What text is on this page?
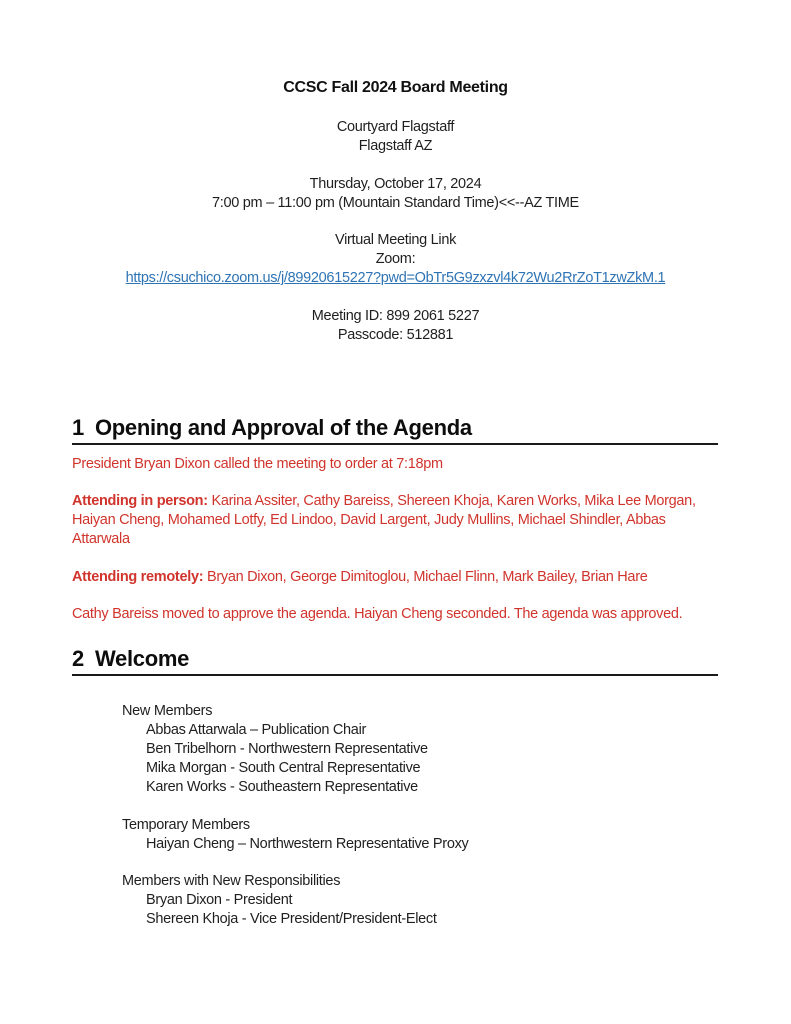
CCSC Fall 2024 Board Meeting
Courtyard Flagstaff
Flagstaff AZ
Thursday, October 17, 2024
7:00 pm – 11:00 pm (Mountain Standard Time)<<--AZ TIME
Virtual Meeting Link
Zoom:
https://csuchico.zoom.us/j/89920615227?pwd=ObTr5G9zxzvl4k72Wu2RrZoT1zwZkM.1
Meeting ID: 899 2061 5227
Passcode: 512881
1 Opening and Approval of the Agenda

President Bryan Dixon called the meeting to order at 7:18pm

Attending in person: Karina Assiter, Cathy Bareiss, Shereen Khoja, Karen Works, Mika Lee Morgan, Haiyan Cheng, Mohamed Lotfy, Ed Lindoo, David Largent, Judy Mullins, Michael Shindler, Abbas Attarwala

Attending remotely: Bryan Dixon, George Dimitoglou, Michael Flinn, Mark Bailey, Brian Hare

Cathy Bareiss moved to approve the agenda. Haiyan Cheng seconded. The agenda was approved.

2 Welcome
New Members
Abbas Attarwala – Publication Chair
Ben Tribelhorn - Northwestern Representative
Mika Morgan - South Central Representative
Karen Works - Southeastern Representative
Temporary Members
Haiyan Cheng – Northwestern Representative Proxy
Members with New Responsibilities
Bryan Dixon - President
Shereen Khoja - Vice President/President-Elect
